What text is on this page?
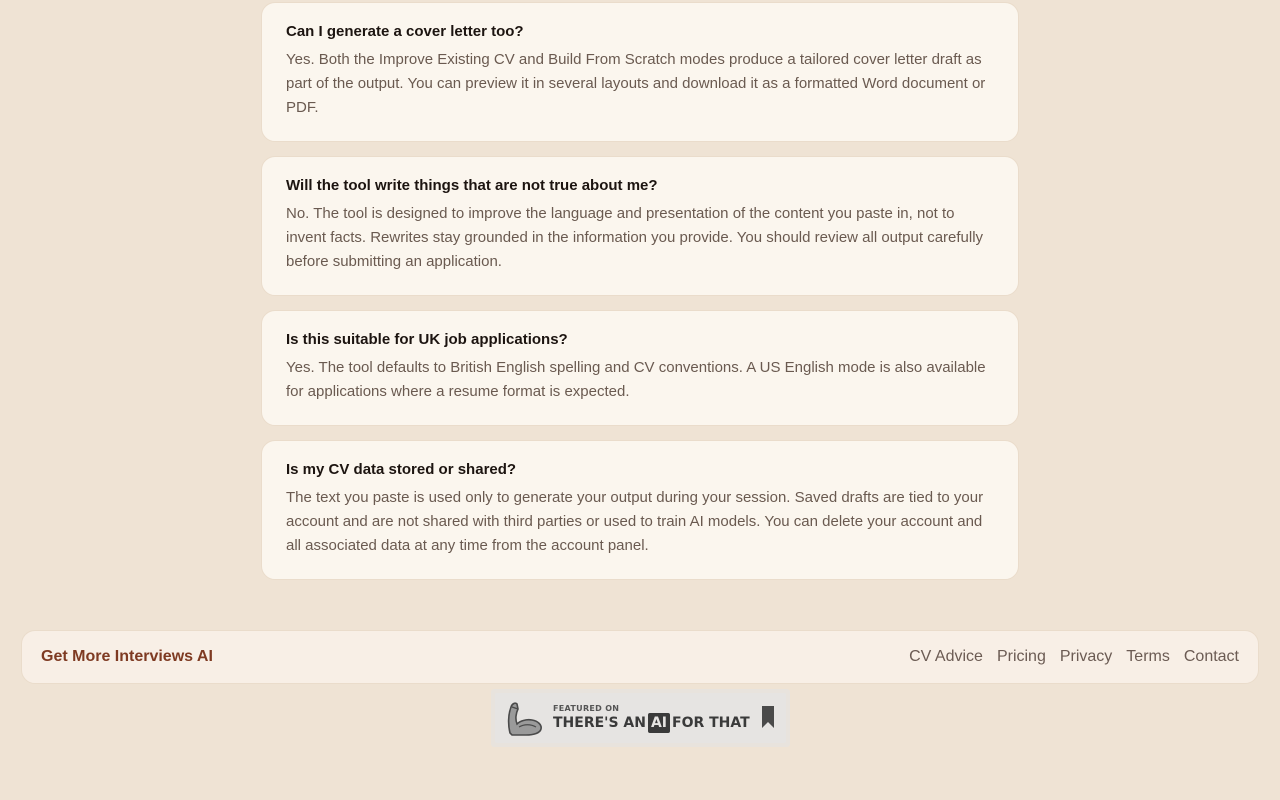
Can I generate a cover letter too?

Yes. Both the Improve Existing CV and Build From Scratch modes produce a tailored cover letter draft as part of the output. You can preview it in several layouts and download it as a formatted Word document or PDF.

Will the tool write things that are not true about me?

No. The tool is designed to improve the language and presentation of the content you paste in, not to invent facts. Rewrites stay grounded in the information you provide. You should review all output carefully before submitting an application.

Is this suitable for UK job applications?

Yes. The tool defaults to British English spelling and CV conventions. A US English mode is also available for applications where a resume format is expected.

Is my CV data stored or shared?

The text you paste is used only to generate your output during your session. Saved drafts are tied to your account and are not shared with third parties or used to train AI models. You can delete your account and all associated data at any time from the account panel.

Get More Interviews AI	CV Advice Pricing Privacy Terms Contact
FEATURED ON
THERE'S AN AI FOR THAT
